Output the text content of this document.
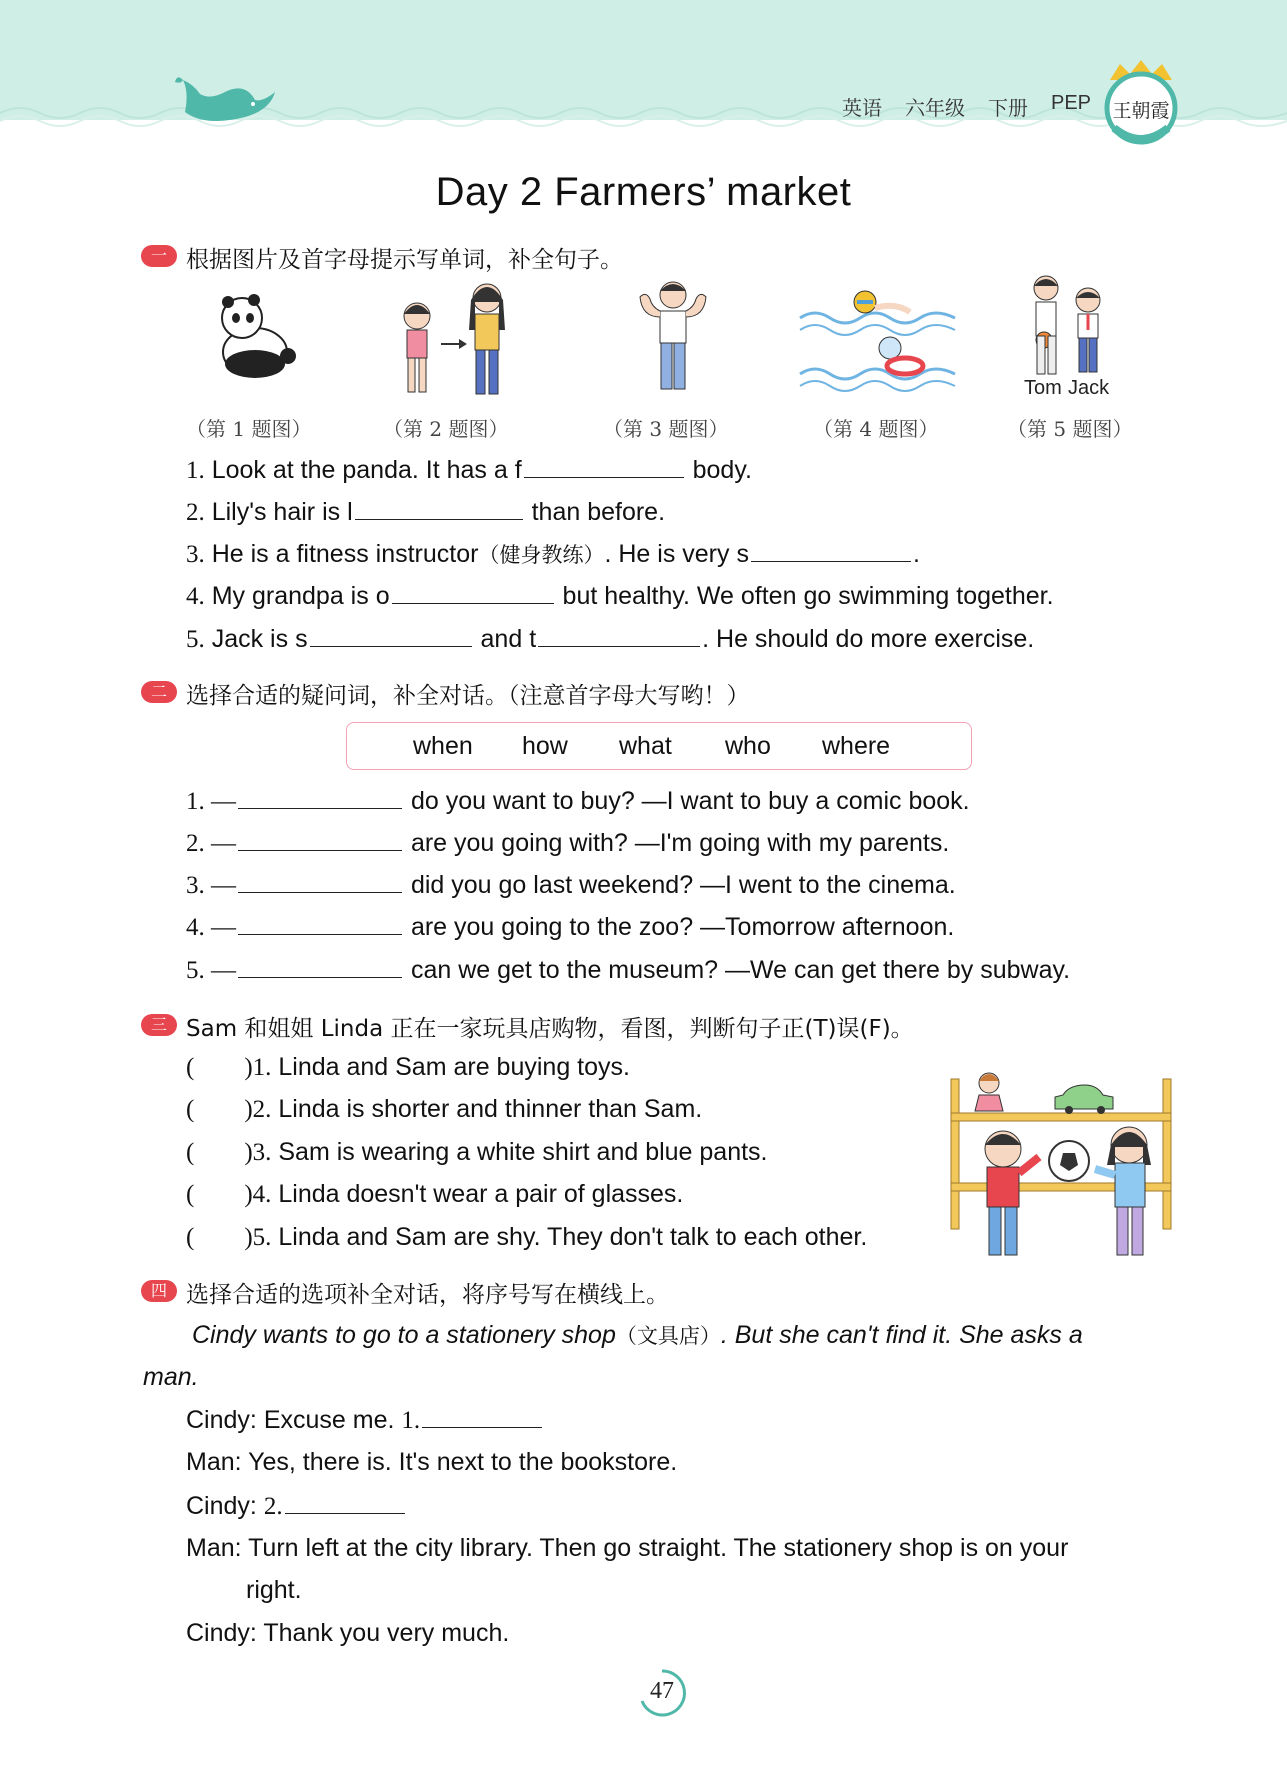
英语 六年级 下册 PEP 王朝霞
Day 2 Farmers’ market
一 根据图片及首字母提示写单词，补全句子。
Tom Jack
（第 1 题图）	（第 2 题图）	（第 3 题图）	（第 4 题图）	（第 5 题图）
1. Look at the panda. It has a f	body.
2. Lily's hair is l	than before.
3. He is a fitness instructor（健身教练）. He is very s	.
4. My grandpa is o	but healthy. We often go swimming together.
5. Jack is s	and t	. He should do more exercise.
二 选择合适的疑问词，补全对话。（注意首字母大写哟！）
when how what who where
1. —	do you want to buy? —I want to buy a comic book.
2. —	are you going with? —I'm going with my parents.
3. —	did you go last weekend? —I went to the cinema.
4. —	are you going to the zoo? —Tomorrow afternoon.
5. —	can we get to the museum? —We can get there by subway.
三 Sam 和姐姐 Linda 正在一家玩具店购物，看图，判断句子正(T)误(F)。
( )1. Linda and Sam are buying toys.
( )2. Linda is shorter and thinner than Sam.
( )3. Sam is wearing a white shirt and blue pants.
( )4. Linda doesn't wear a pair of glasses.
( )5. Linda and Sam are shy. They don't talk to each other.
四 选择合适的选项补全对话，将序号写在横线上。
Cindy wants to go to a stationery shop（文具店）. But she can't find it. She asks a
man.
Cindy: Excuse me. 1.
Man: Yes, there is. It's next to the bookstore.
Cindy: 2.
Man: Turn left at the city library. Then go straight. The stationery shop is on your
right.
Cindy: Thank you very much.
47
